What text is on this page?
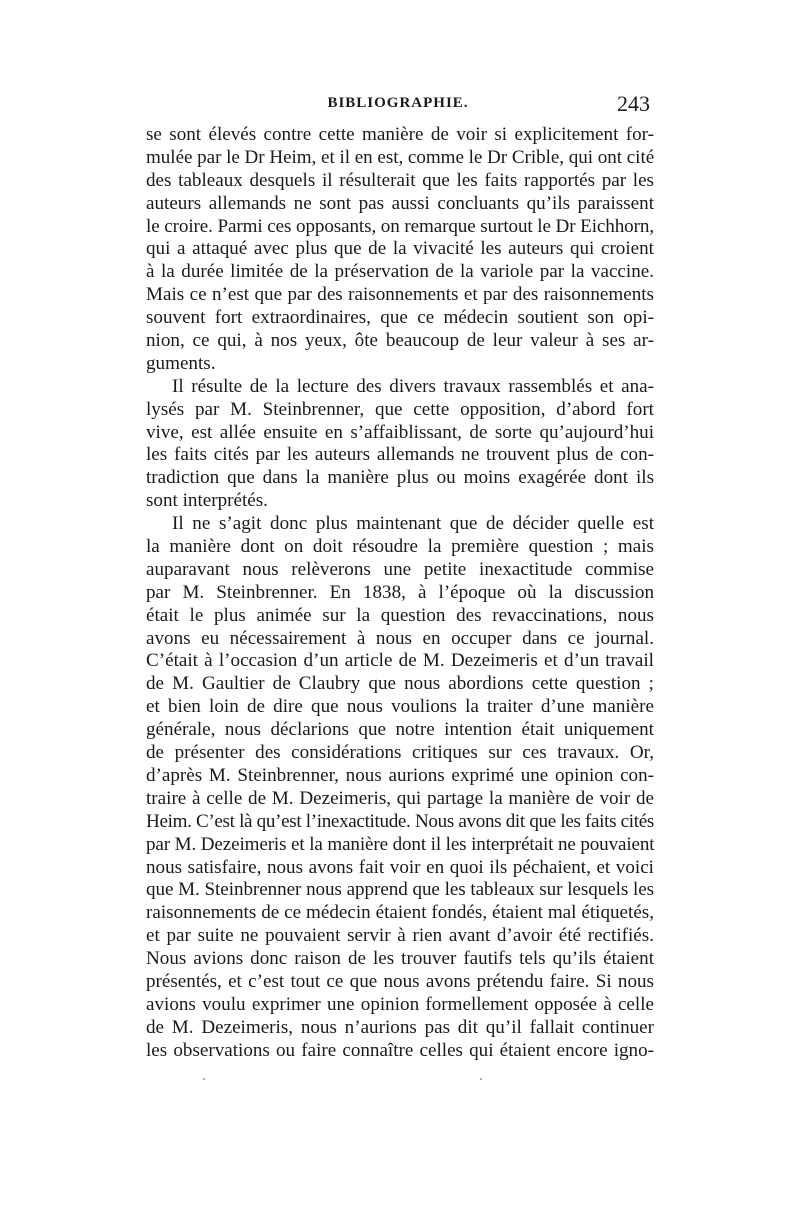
BIBLIOGRAPHIE.	243
se sont élevés contre cette manière de voir si explicitement for-
mulée par le Dr Heim, et il en est, comme le Dr Crible, qui ont cité
des tableaux desquels il résulterait que les faits rapportés par les
auteurs allemands ne sont pas aussi concluants qu’ils paraissent
le croire. Parmi ces opposants, on remarque surtout le Dr Eichhorn,
qui a attaqué avec plus que de la vivacité les auteurs qui croient
à la durée limitée de la préservation de la variole par la vaccine.
Mais ce n’est que par des raisonnements et par des raisonnements
souvent fort extraordinaires, que ce médecin soutient son opi-
nion, ce qui, à nos yeux, ôte beaucoup de leur valeur à ses ar-
guments.
Il résulte de la lecture des divers travaux rassemblés et ana-
lysés par M. Steinbrenner, que cette opposition, d’abord fort
vive, est allée ensuite en s’affaiblissant, de sorte qu’aujourd’hui
les faits cités par les auteurs allemands ne trouvent plus de con-
tradiction que dans la manière plus ou moins exagérée dont ils
sont interprétés.
Il ne s’agit donc plus maintenant que de décider quelle est
la manière dont on doit résoudre la première question ; mais
auparavant nous relèverons une petite inexactitude commise
par M. Steinbrenner. En 1838, à l’époque où la discussion
était le plus animée sur la question des revaccinations, nous
avons eu nécessairement à nous en occuper dans ce journal.
C’était à l’occasion d’un article de M. Dezeimeris et d’un travail
de M. Gaultier de Claubry que nous abordions cette question ;
et bien loin de dire que nous voulions la traiter d’une manière
générale, nous déclarions que notre intention était uniquement
de présenter des considérations critiques sur ces travaux. Or,
d’après M. Steinbrenner, nous aurions exprimé une opinion con-
traire à celle de M. Dezeimeris, qui partage la manière de voir de
Heim. C’est là qu’est l’inexactitude. Nous avons dit que les faits cités
par M. Dezeimeris et la manière dont il les interprétait ne pouvaient
nous satisfaire, nous avons fait voir en quoi ils péchaient, et voici
que M. Steinbrenner nous apprend que les tableaux sur lesquels les
raisonnements de ce médecin étaient fondés, étaient mal étiquetés,
et par suite ne pouvaient servir à rien avant d’avoir été rectifiés.
Nous avions donc raison de les trouver fautifs tels qu’ils étaient
présentés, et c’est tout ce que nous avons prétendu faire. Si nous
avions voulu exprimer une opinion formellement opposée à celle
de M. Dezeimeris, nous n’aurions pas dit qu’il fallait continuer
les observations ou faire connaître celles qui étaient encore igno-
